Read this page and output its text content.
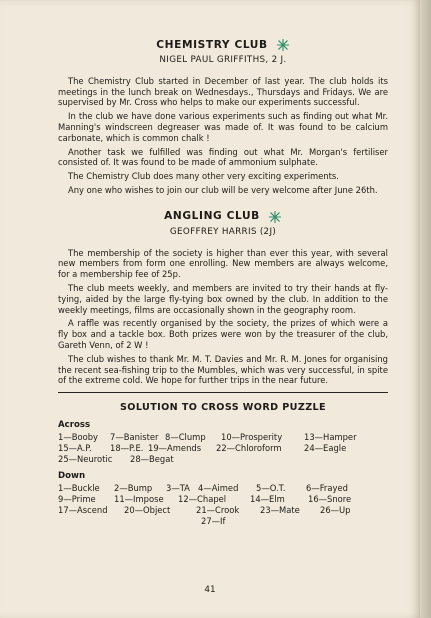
CHEMISTRY CLUB
NIGEL PAUL GRIFFITHS, 2 J.

The Chemistry Club started in December of last year. The club holds its meetings in the lunch break on Wednesdays., Thursdays and Fridays. We are supervised by Mr. Cross who helps to make our experiments successful.

In the club we have done various experiments such as finding out what Mr. Manning's windscreen degreaser was made of. It was found to be calcium carbonate, which is common chalk !

Another task we fulfilled was finding out what Mr. Morgan's fertiliser consisted of. It was found to be made of ammonium sulphate.

The Chemistry Club does many other very exciting experiments.

Any one who wishes to join our club will be very welcome after June 26th.

ANGLING CLUB
GEOFFREY HARRIS (2J)

The membership of the society is higher than ever this year, with several new members from form one enrolling. New members are always welcome, for a membership fee of 25p.

The club meets weekly, and members are invited to try their hands at fly-tying, aided by the large fly-tying box owned by the club. In addition to the weekly meetings, films are occasionally shown in the geography room.

A raffle was recently organised by the society, the prizes of which were a fly box and a tackle box. Both prizes were won by the treasurer of the club, Gareth Venn, of 2 W !

The club wishes to thank Mr. M. T. Davies and Mr. R. M. Jones for organising the recent sea-fishing trip to the Mumbles, which was very successful, in spite of the extreme cold. We hope for further trips in the near future.

SOLUTION TO CROSS WORD PUZZLE
Across
1—Booby	7—Banister 8—Clump	10—Prosperity	13—Hamper
15—A.P.	18—P.E. 19—Amends	22—Chloroform	24—Eagle
25—Neurotic	28—Begat
Down
1—Buckle	2—Bump	3—TA 4—Aimed	5—O.T.	6—Frayed
9—Prime	11—Impose	12—Chapel	14—Elm	16—Snore
17—Ascend	20—Object	21—Crook	23—Mate	26—Up
27—If
41
